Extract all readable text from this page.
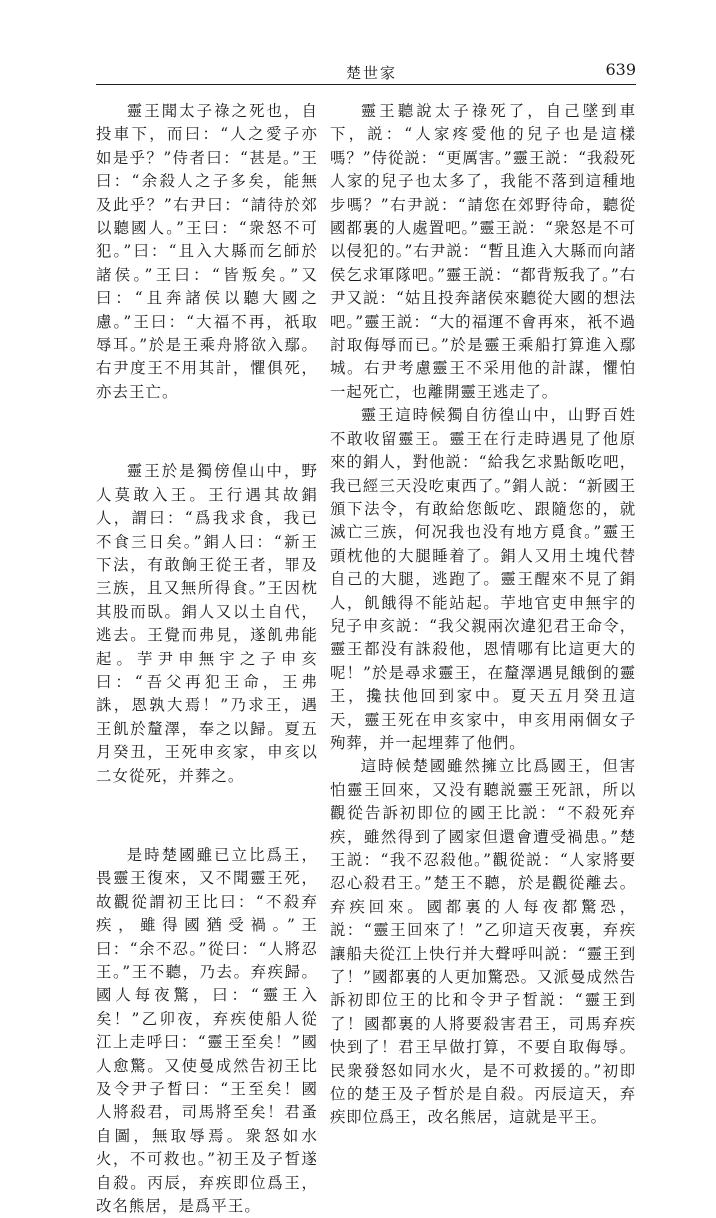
楚世家	639

靈王聞太子祿之死也，自投車下，而曰：“人之愛子亦如是乎？”侍者曰：“甚是。”王曰：“余殺人之子多矣，能無及此乎？”右尹曰：“請待於郊以聽國人。”王曰：“衆怒不可犯。”曰：“且入大縣而乞師於諸侯。”王曰：“皆叛矣。”又曰：“且奔諸侯以聽大國之慮。”王曰：“大福不再，祇取辱耳。”於是王乘舟將欲入鄢。右尹度王不用其計，懼俱死，亦去王亡。

靈王於是獨傍偟山中，野人莫敢入王。王行遇其故鋗人，謂曰：“爲我求食，我已不食三日矣。”鋗人曰：“新王下法，有敢餉王從王者，罪及三族，且又無所得食。”王因枕其股而臥。鋗人又以土自代，逃去。王覺而弗見，遂飢弗能起。芋尹申無宇之子申亥曰：“吾父再犯王命，王弗誅，恩孰大焉！”乃求王，遇王飢於釐澤，奉之以歸。夏五月癸丑，王死申亥家，申亥以二女從死，并葬之。

是時楚國雖已立比爲王，畏靈王復來，又不聞靈王死，故觀從謂初王比曰：“不殺弃疾，雖得國猶受禍。”王曰：“余不忍。”從曰：“人將忍王。”王不聽，乃去。弃疾歸。國人每夜驚，曰：“靈王入矣！”乙卯夜，弃疾使船人從江上走呼曰：“靈王至矣！”國人愈驚。又使曼成然告初王比及令尹子晳曰：“王至矣！國人將殺君，司馬將至矣！君蚤自圖，無取辱焉。衆怒如水火，不可救也。”初王及子晳遂自殺。丙辰，弃疾即位爲王，改名熊居，是爲平王。

靈王聽說太子祿死了，自己墜到車下，説：“人家疼愛他的兒子也是這樣嗎？”侍從説：“更厲害。”靈王説：“我殺死人家的兒子也太多了，我能不落到這種地步嗎？”右尹説：“請您在郊野待命，聽從國都裏的人處置吧。”靈王説：“衆怒是不可以侵犯的。”右尹説：“暫且進入大縣而向諸侯乞求軍隊吧。”靈王説：“都背叛我了。”右尹又説：“姑且投奔諸侯來聽從大國的想法吧。”靈王説：“大的福運不會再來，衹不過討取侮辱而已。”於是靈王乘船打算進入鄢城。右尹考慮靈王不采用他的計謀，懼怕一起死亡，也離開靈王逃走了。

靈王這時候獨自彷徨山中，山野百姓不敢收留靈王。靈王在行走時遇見了他原來的鋗人，對他説：“給我乞求點飯吃吧，我已經三天没吃東西了。”鋗人説：“新國王頒下法令，有敢給您飯吃、跟隨您的，就滅亡三族，何况我也没有地方覓食。”靈王頭枕他的大腿睡着了。鋗人又用土塊代替自己的大腿，逃跑了。靈王醒來不見了鋗人，飢餓得不能站起。芋地官吏申無宇的兒子申亥説：“我父親兩次違犯君王命令，靈王都没有誅殺他，恩情哪有比這更大的呢！”於是尋求靈王，在釐澤遇見餓倒的靈王，攙扶他回到家中。夏天五月癸丑這天，靈王死在申亥家中，申亥用兩個女子殉葬，并一起埋葬了他們。

這時候楚國雖然擁立比爲國王，但害怕靈王回來，又没有聽説靈王死訊，所以觀從告訴初即位的國王比説：“不殺死弃疾，雖然得到了國家但還會遭受禍患。”楚王説：“我不忍殺他。”觀從説：“人家將要忍心殺君王。”楚王不聽，於是觀從離去。弃疾回來。國都裏的人每夜都驚恐，説：“靈王回來了！”乙卯這天夜裏，弃疾讓船夫從江上快行并大聲呼叫説：“靈王到了！”國都裏的人更加驚恐。又派曼成然告訴初即位王的比和令尹子晳説：“靈王到了！國都裏的人將要殺害君王，司馬弃疾快到了！君王早做打算，不要自取侮辱。民衆發怒如同水火，是不可救援的。”初即位的楚王及子晳於是自殺。丙辰這天，弃疾即位爲王，改名熊居，這就是平王。
